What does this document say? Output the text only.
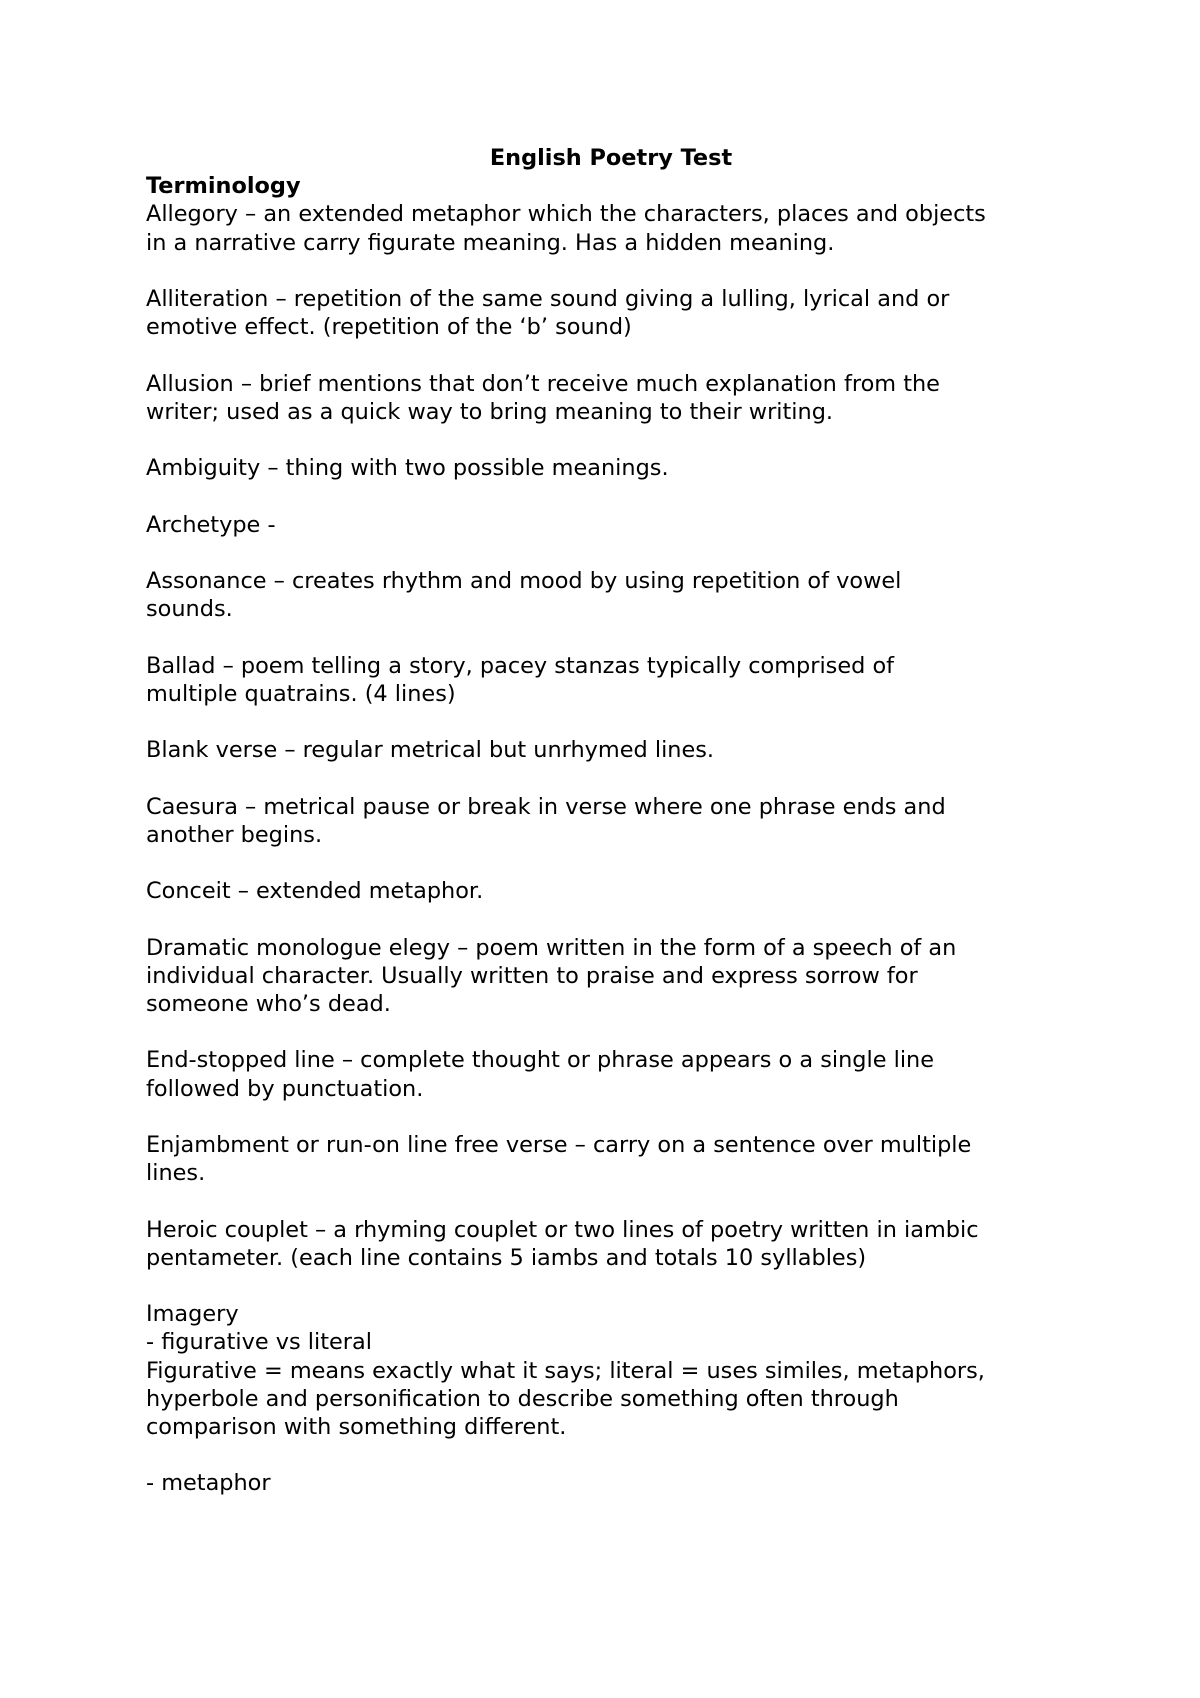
English Poetry Test

Terminology

Allegory – an extended metaphor which the characters, places and objects
in a narrative carry figurate meaning. Has a hidden meaning.

Alliteration – repetition of the same sound giving a lulling, lyrical and or
emotive effect. (repetition of the ‘b’ sound)

Allusion – brief mentions that don’t receive much explanation from the
writer; used as a quick way to bring meaning to their writing.

Ambiguity – thing with two possible meanings.

Archetype -

Assonance – creates rhythm and mood by using repetition of vowel
sounds.

Ballad – poem telling a story, pacey stanzas typically comprised of
multiple quatrains. (4 lines)

Blank verse – regular metrical but unrhymed lines.

Caesura – metrical pause or break in verse where one phrase ends and
another begins.

Conceit – extended metaphor.

Dramatic monologue elegy – poem written in the form of a speech of an
individual character. Usually written to praise and express sorrow for
someone who’s dead.

End-stopped line – complete thought or phrase appears o a single line
followed by punctuation.

Enjambment or run-on line free verse – carry on a sentence over multiple
lines.

Heroic couplet – a rhyming couplet or two lines of poetry written in iambic
pentameter. (each line contains 5 iambs and totals 10 syllables)

Imagery
- figurative vs literal
Figurative = means exactly what it says; literal = uses similes, metaphors,
hyperbole and personification to describe something often through
comparison with something different.

- metaphor
